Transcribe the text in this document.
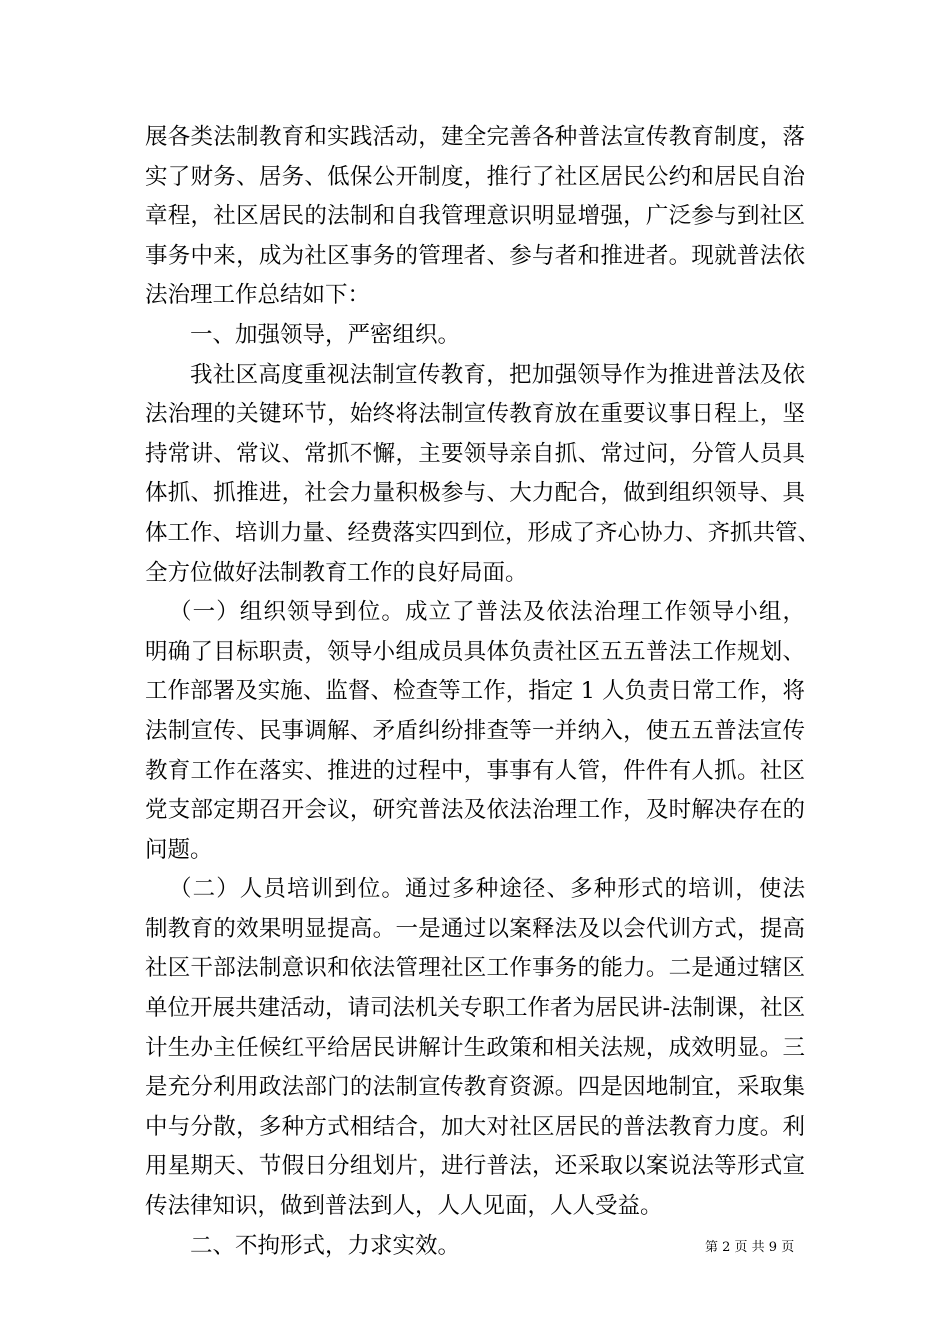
展各类法制教育和实践活动，建全完善各种普法宣传教育制度，落
实了财务、居务、低保公开制度，推行了社区居民公约和居民自治
章程，社区居民的法制和自我管理意识明显增强，广泛参与到社区
事务中来，成为社区事务的管理者、参与者和推进者。现就普法依
法治理工作总结如下：
一、加强领导，严密组织。
我社区高度重视法制宣传教育，把加强领导作为推进普法及依
法治理的关键环节，始终将法制宣传教育放在重要议事日程上，坚
持常讲、常议、常抓不懈，主要领导亲自抓、常过问，分管人员具
体抓、抓推进，社会力量积极参与、大力配合，做到组织领导、具
体工作、培训力量、经费落实四到位，形成了齐心协力、齐抓共管、
全方位做好法制教育工作的良好局面。
（一）组织领导到位。成立了普法及依法治理工作领导小组，
明确了目标职责，领导小组成员具体负责社区五五普法工作规划、
工作部署及实施、监督、检查等工作，指定 1 人负责日常工作，将
法制宣传、民事调解、矛盾纠纷排查等一并纳入，使五五普法宣传
教育工作在落实、推进的过程中，事事有人管，件件有人抓。社区
党支部定期召开会议，研究普法及依法治理工作，及时解决存在的
问题。
（二）人员培训到位。通过多种途径、多种形式的培训，使法
制教育的效果明显提高。一是通过以案释法及以会代训方式，提高
社区干部法制意识和依法管理社区工作事务的能力。二是通过辖区
单位开展共建活动，请司法机关专职工作者为居民讲-法制课，社区
计生办主任候红平给居民讲解计生政策和相关法规，成效明显。三
是充分利用政法部门的法制宣传教育资源。四是因地制宜，采取集
中与分散，多种方式相结合，加大对社区居民的普法教育力度。利
用星期天、节假日分组划片，进行普法，还采取以案说法等形式宣
传法律知识，做到普法到人，人人见面，人人受益。
二、不拘形式，力求实效。	第 2 页 共 9 页
